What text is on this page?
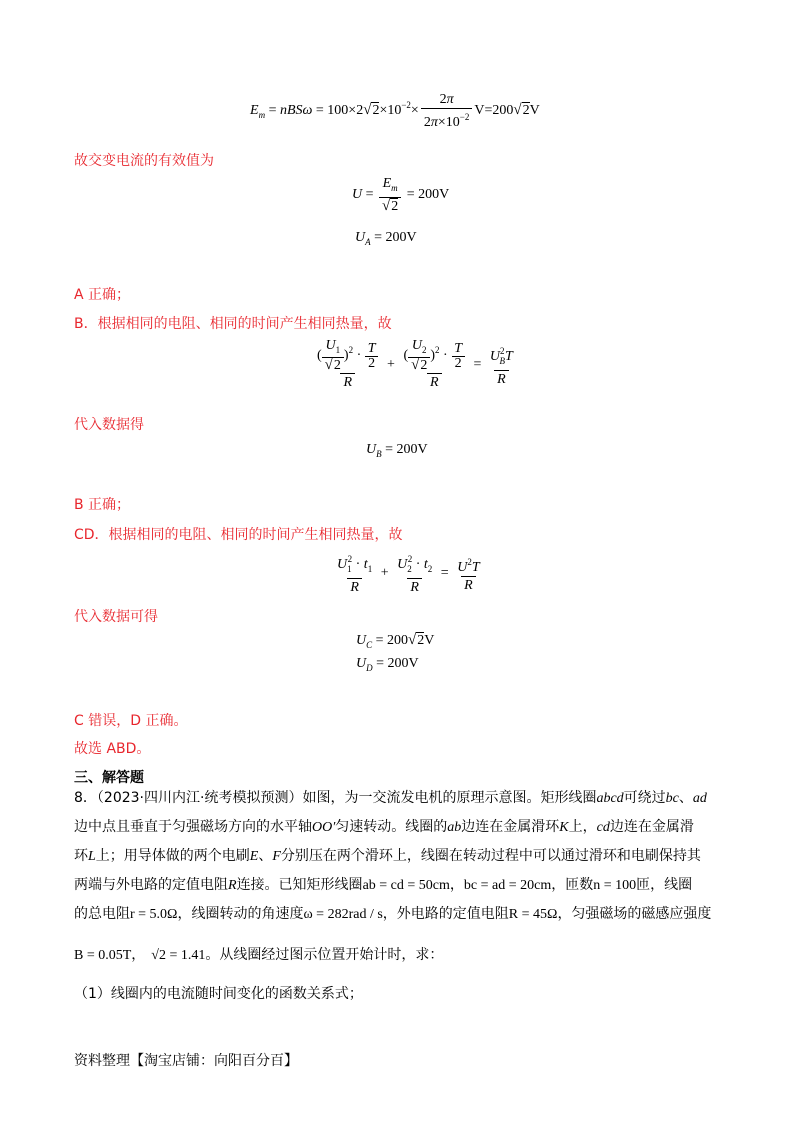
$E_m = nBS\omega = 100\times 2√2\times 10^{-2}\times \frac{2\pi}{2\pi\times 10^{-2}} V=200√2V$
故交变电流的有效值为
$U = \frac{E_m}{√2} = 200V$
$U_A = 200V$
A 正确；
B．根据相同的电阻、相同的时间产生相同热量，故
$\frac{( \frac{U_1}{√2} )^2 \cdot \frac{T}{2}}{R} + \frac{( \frac{U_2}{√2} )^2 \cdot \frac{T}{2}}{R} = \frac{U^2_BT}{R}$
代入数据得
$U_B = 200V$
B 正确；
CD．根据相同的电阻、相同的时间产生相同热量，故
$\frac{U_1^2 \cdot t_1}{R} + \frac{U_2^2 \cdot t_2}{R} = \frac{U^2T}{R}$
代入数据可得
$U_C = 200√2V$
$U_D = 200V$
C 错误，D 正确。
故选 ABD。
三、解答题
8．（2023·四川内江·统考模拟预测）如图，为一交流发电机的原理示意图。矩形线圈abcd可绕过bc、ad
边中点且垂直于匀强磁场方向的水平轴OO′匀速转动。线圈的ab边连在金属滑环K上，cd边连在金属滑
环L上；用导体做的两个电刷E、F分别压在两个滑环上，线圈在转动过程中可以通过滑环和电刷保持其
两端与外电路的定值电阻R连接。已知矩形线圈ab = cd = 50cm，bc = ad = 20cm，匝数n = 100匝，线圈
的总电阻r = 5.0Ω，线圈转动的角速度ω = 282rad / s，外电路的定值电阻R = 45Ω，匀强磁场的磁感应强度
B = 0.05T， √2 = 1.41。从线圈经过图示位置开始计时，求：
（1）线圈内的电流随时间变化的函数关系式；
资料整理【淘宝店铺：向阳百分百】
